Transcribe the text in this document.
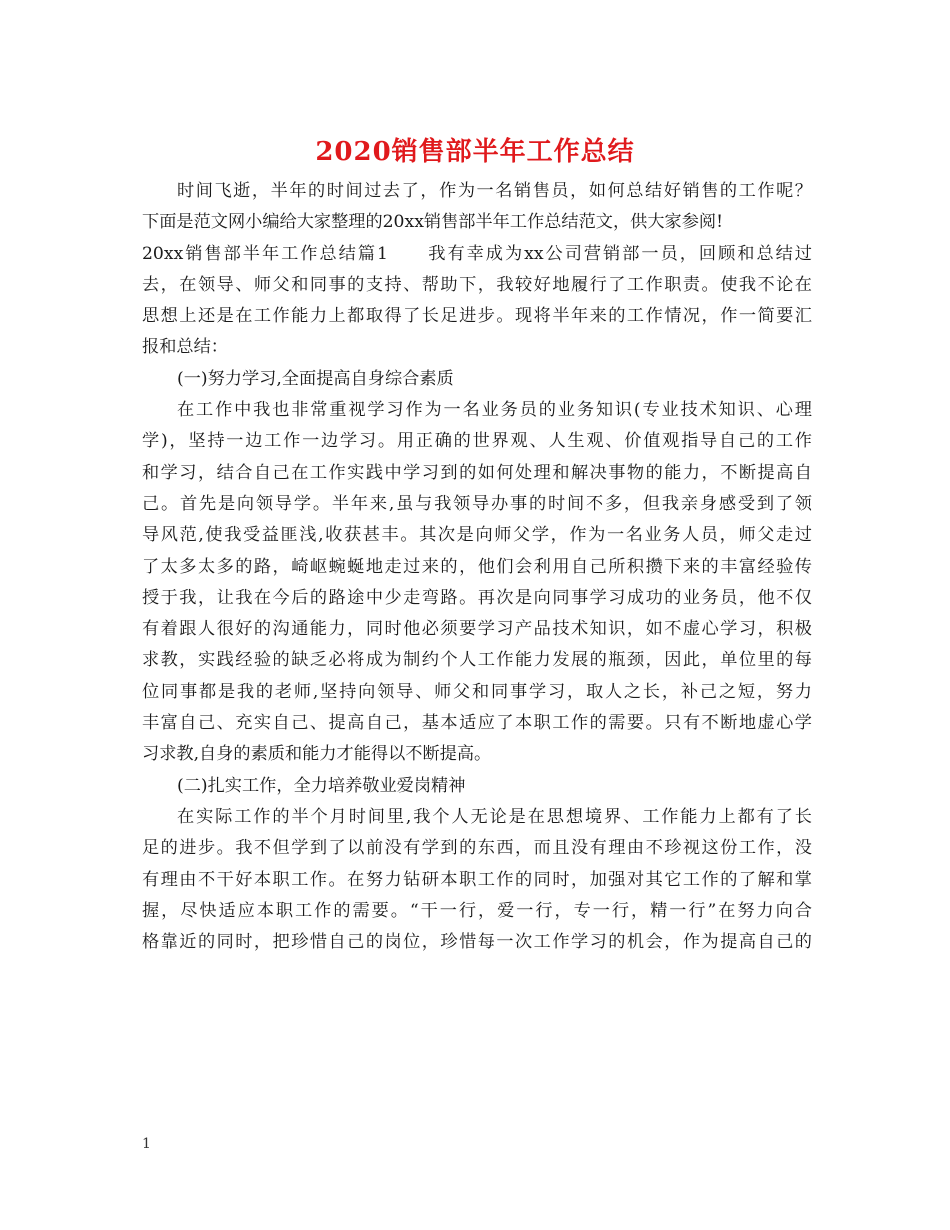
2020销售部半年工作总结
时间飞逝，半年的时间过去了，作为一名销售员，如何总结好销售的工作呢？
下面是范文网小编给大家整理的20xx销售部半年工作总结范文，供大家参阅!
20xx销售部半年工作总结篇1　　我有幸成为xx公司营销部一员，回顾和总结过
去，在领导、师父和同事的支持、帮助下，我较好地履行了工作职责。使我不论在
思想上还是在工作能力上都取得了长足进步。现将半年来的工作情况，作一简要汇
报和总结：
(一)努力学习,全面提高自身综合素质
在工作中我也非常重视学习作为一名业务员的业务知识(专业技术知识、心理
学)，坚持一边工作一边学习。用正确的世界观、人生观、价值观指导自己的工作
和学习，结合自己在工作实践中学习到的如何处理和解决事物的能力，不断提高自
己。首先是向领导学。半年来,虽与我领导办事的时间不多，但我亲身感受到了领
导风范,使我受益匪浅,收获甚丰。其次是向师父学，作为一名业务人员，师父走过
了太多太多的路，崎岖蜿蜒地走过来的，他们会利用自己所积攒下来的丰富经验传
授于我，让我在今后的路途中少走弯路。再次是向同事学习成功的业务员，他不仅
有着跟人很好的沟通能力，同时他必须要学习产品技术知识，如不虚心学习，积极
求教，实践经验的缺乏必将成为制约个人工作能力发展的瓶颈，因此，单位里的每
位同事都是我的老师,坚持向领导、师父和同事学习，取人之长，补己之短，努力
丰富自己、充实自己、提高自己，基本适应了本职工作的需要。只有不断地虚心学
习求教,自身的素质和能力才能得以不断提高。
(二)扎实工作，全力培养敬业爱岗精神
在实际工作的半个月时间里,我个人无论是在思想境界、工作能力上都有了长
足的进步。我不但学到了以前没有学到的东西，而且没有理由不珍视这份工作，没
有理由不干好本职工作。在努力钻研本职工作的同时，加强对其它工作的了解和掌
握，尽快适应本职工作的需要。“干一行，爱一行，专一行，精一行”在努力向合
格靠近的同时，把珍惜自己的岗位，珍惜每一次工作学习的机会，作为提高自己的
1
